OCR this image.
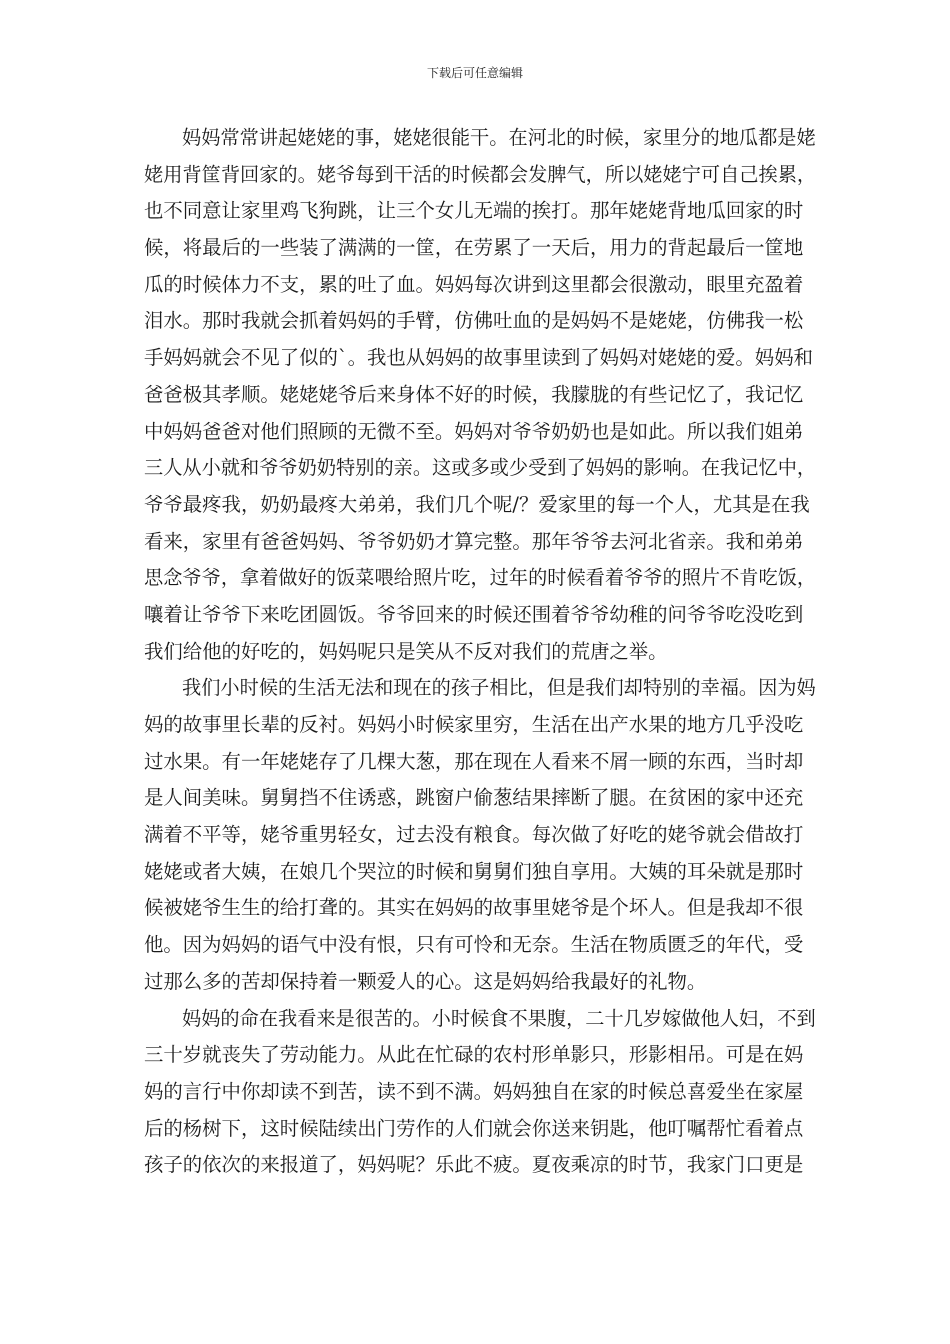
下载后可任意编辑
妈妈常常讲起姥姥的事，姥姥很能干。在河北的时候，家里分的地瓜都是姥
姥用背筐背回家的。姥爷每到干活的时候都会发脾气，所以姥姥宁可自己挨累，
也不同意让家里鸡飞狗跳，让三个女儿无端的挨打。那年姥姥背地瓜回家的时
候，将最后的一些装了满满的一筐，在劳累了一天后，用力的背起最后一筐地
瓜的时候体力不支，累的吐了血。妈妈每次讲到这里都会很激动，眼里充盈着
泪水。那时我就会抓着妈妈的手臂，仿佛吐血的是妈妈不是姥姥，仿佛我一松
手妈妈就会不见了似的`。我也从妈妈的故事里读到了妈妈对姥姥的爱。妈妈和
爸爸极其孝顺。姥姥姥爷后来身体不好的时候，我朦胧的有些记忆了，我记忆
中妈妈爸爸对他们照顾的无微不至。妈妈对爷爷奶奶也是如此。所以我们姐弟
三人从小就和爷爷奶奶特别的亲。这或多或少受到了妈妈的影响。在我记忆中，
爷爷最疼我，奶奶最疼大弟弟，我们几个呢/？爱家里的每一个人，尤其是在我
看来，家里有爸爸妈妈、爷爷奶奶才算完整。那年爷爷去河北省亲。我和弟弟
思念爷爷，拿着做好的饭菜喂给照片吃，过年的时候看着爷爷的照片不肯吃饭，
嚷着让爷爷下来吃团圆饭。爷爷回来的时候还围着爷爷幼稚的问爷爷吃没吃到
我们给他的好吃的，妈妈呢只是笑从不反对我们的荒唐之举。
我们小时候的生活无法和现在的孩子相比，但是我们却特别的幸福。因为妈
妈的故事里长辈的反衬。妈妈小时候家里穷，生活在出产水果的地方几乎没吃
过水果。有一年姥姥存了几棵大葱，那在现在人看来不屑一顾的东西，当时却
是人间美味。舅舅挡不住诱惑，跳窗户偷葱结果摔断了腿。在贫困的家中还充
满着不平等，姥爷重男轻女，过去没有粮食。每次做了好吃的姥爷就会借故打
姥姥或者大姨，在娘几个哭泣的时候和舅舅们独自享用。大姨的耳朵就是那时
候被姥爷生生的给打聋的。其实在妈妈的故事里姥爷是个坏人。但是我却不很
他。因为妈妈的语气中没有恨，只有可怜和无奈。生活在物质匮乏的年代，受
过那么多的苦却保持着一颗爱人的心。这是妈妈给我最好的礼物。
妈妈的命在我看来是很苦的。小时候食不果腹，二十几岁嫁做他人妇，不到
三十岁就丧失了劳动能力。从此在忙碌的农村形单影只，形影相吊。可是在妈
妈的言行中你却读不到苦，读不到不满。妈妈独自在家的时候总喜爱坐在家屋
后的杨树下，这时候陆续出门劳作的人们就会你送来钥匙，他叮嘱帮忙看着点
孩子的依次的来报道了，妈妈呢？乐此不疲。夏夜乘凉的时节，我家门口更是
